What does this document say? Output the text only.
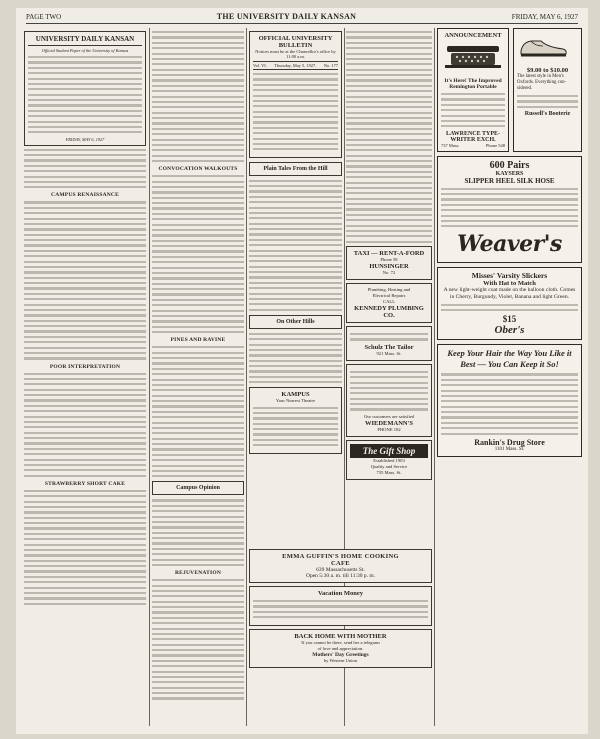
PAGE TWO	THE UNIVERSITY DAILY KANSAN	FRIDAY, MAY 6, 1927
UNIVERSITY DAILY KANSAN
Official Student Paper of the University of Kansas
FRIDAY, MAY 6, 1927
CAMPUS RENAISSANCE
POOR INTERPRETATION
STRAWBERRY SHORT CAKE
CONVOCATION WALKOUTS
PINES AND RAVINE
Campus Opinion
REJUVENATION
OFFICIAL UNIVERSITY BULLETIN
Notices must be at the Chancellor's office by 11:00 a.m.
Vol. VI. Thursday, May 5, 1927. No. 177
Plain Tales From the Hill
On Other Hills
KAMPUS
Your Nearest Theatre
TAXI — RENT-A-FORD
Phone 58
HUNSINGER
No. 72
Plumbing, Heating and
Electrical Repairs
CALL
KENNEDY PLUMBING CO.
Schulz The Tailor
921 Mass. St.
Our customers are satisfied
WIEDEMANN'S
PHONE 182
The Gift Shop
Established 1903
Quality and Service
735 Mass. St.
EMMA GUFFIN'S HOME COOKING
CAFE
639 Massachusetts St.
Open 5:30 a. m. till 11:30 p. m.
Vacation Money
BACK HOME WITH MOTHER
If you cannot be there, send her a telegram
of love and appreciation.
Mothers' Day Greetings
by Western Union
ANNOUNCEMENT
It's Here! The Improved Remington Portable
LAWRENCE TYPE-WRITER EXCH.
737 Mass.	Phone 548
$9.00 to $10.00
The latest style in Men's Oxfords. Everything con-sidered.
Russell's Booterie
600 Pairs
KAYSERS
SLIPPER HEEL SILK HOSE
Weaver's
Misses' Varsity Slickers
With Hat to Match
A new light-weight coat made on the balloon cloth. Comes in Cherry, Burgundy, Violet, Banana and light Green.
$15
Ober's
Keep Your Hair the Way You Like it Best — You Can Keep it So!
Rankin's Drug Store
1101 Mass. St.
